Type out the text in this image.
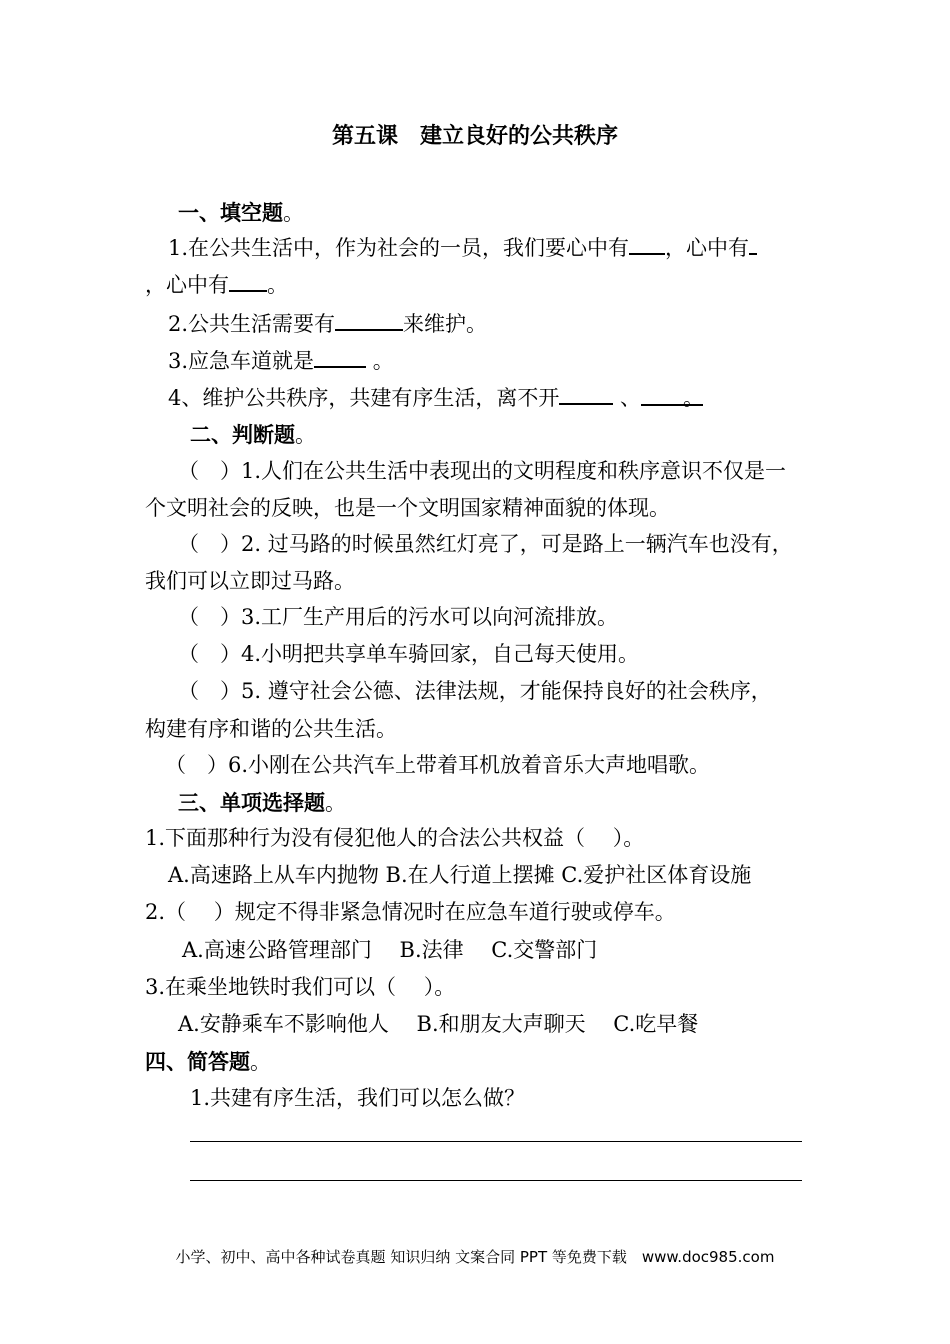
第五课　建立良好的公共秩序
一、填空题。
1.在公共生活中，作为社会的一员，我们要心中有 ，心中有
，心中有 。
2.公共生活需要有	来维护。
3.应急车道就是 。
4、维护公共秩序，共建有序生活，离不开	、 。
二、判断题。
（　）1.人们在公共生活中表现出的文明程度和秩序意识不仅是一
个文明社会的反映，也是一个文明国家精神面貌的体现。
（　）2. 过马路的时候虽然红灯亮了，可是路上一辆汽车也没有，
我们可以立即过马路。
（　）3.工厂生产用后的污水可以向河流排放。
（　）4.小明把共享单车骑回家，自己每天使用。
（　）5. 遵守社会公德、法律法规，才能保持良好的社会秩序，
构建有序和谐的公共生活。
（　）6.小刚在公共汽车上带着耳机放着音乐大声地唱歌。
三、单项选择题。
1.下面那种行为没有侵犯他人的合法公共权益（　 ）。
A.高速路上从车内抛物 B.在人行道上摆摊 C.爱护社区体育设施
2.（　 ）规定不得非紧急情况时在应急车道行驶或停车。
A.高速公路管理部门　 B.法律　 C.交警部门
3.在乘坐地铁时我们可以（　 ）。
A.安静乘车不影响他人　 B.和朋友大声聊天　 C.吃早餐
四、简答题。
1.共建有序生活，我们可以怎么做？
小学、初中、高中各种试卷真题 知识归纳 文案合同 PPT 等免费下载　www.doc985.com
